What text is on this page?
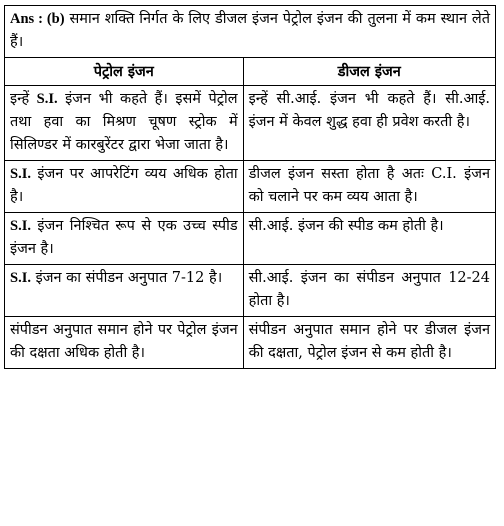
Ans : (b) समान शक्ति निर्गत के लिए डीजल इंजन पेट्रोल इंजन की तुलना में कम स्थान लेते हैं।	
पेट्रोल इंजन	डीजल इंजन
इन्हें S.I. इंजन भी कहते हैं। इसमें पेट्रोल तथा हवा का मिश्रण चूषण स्ट्रोक में सिलिण्डर में कारबुरेंटर द्वारा भेजा जाता है।	इन्हें सी.आई. इंजन भी कहते हैं। सी.आई. इंजन में केवल शुद्ध हवा ही प्रवेश करती है।
S.I. इंजन पर आपरेटिंग व्यय अधिक होता है।	डीजल इंजन सस्ता होता है अतः C.I. इंजन को चलाने पर कम व्यय आता है।
S.I. इंजन निश्चित रूप से एक उच्च स्पीड इंजन है।	सी.आई. इंजन की स्पीड कम होती है।
S.I. इंजन का संपीडन अनुपात 7-12 है।	सी.आई. इंजन का संपीडन अनुपात 12-24 होता है।
संपीडन अनुपात समान होने पर पेट्रोल इंजन की दक्षता अधिक होती है।	संपीडन अनुपात समान होने पर डीजल इंजन की दक्षता, पेट्रोल इंजन से कम होती है।
